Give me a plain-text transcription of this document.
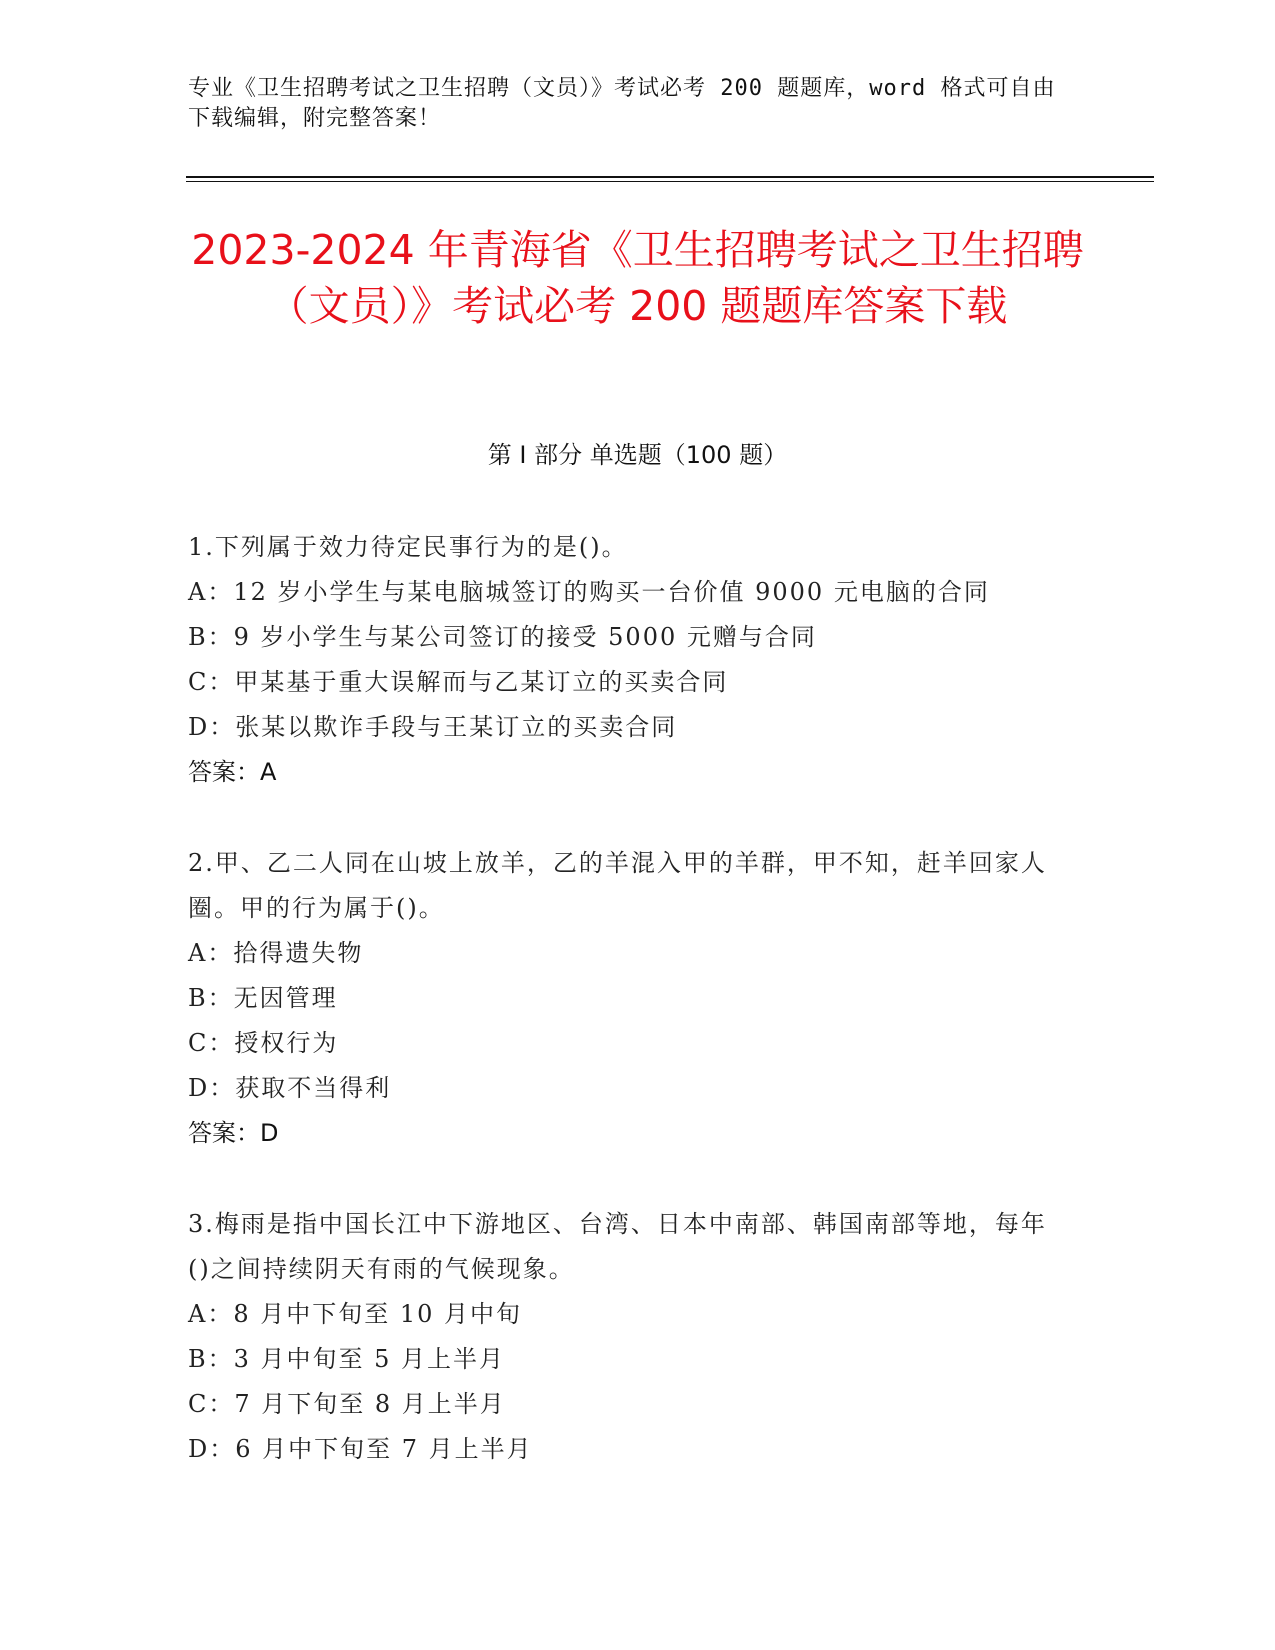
专业《卫生招聘考试之卫生招聘（文员）》考试必考 200 题题库，word 格式可自由下载编辑，附完整答案！
2023-2024 年青海省《卫生招聘考试之卫生招聘（文员）》考试必考 200 题题库答案下载
第 I 部分 单选题（100 题）
1.下列属于效力待定民事行为的是()。
A：12 岁小学生与某电脑城签订的购买一台价值 9000 元电脑的合同
B：9 岁小学生与某公司签订的接受 5000 元赠与合同
C：甲某基于重大误解而与乙某订立的买卖合同
D：张某以欺诈手段与王某订立的买卖合同
答案：A
2.甲、乙二人同在山坡上放羊，乙的羊混入甲的羊群，甲不知，赶羊回家人圈。甲的行为属于()。
A：拾得遗失物
B：无因管理
C：授权行为
D：获取不当得利
答案：D
3.梅雨是指中国长江中下游地区、台湾、日本中南部、韩国南部等地，每年()之间持续阴天有雨的气候现象。
A：8 月中下旬至 10 月中旬
B：3 月中旬至 5 月上半月
C：7 月下旬至 8 月上半月
D：6 月中下旬至 7 月上半月
